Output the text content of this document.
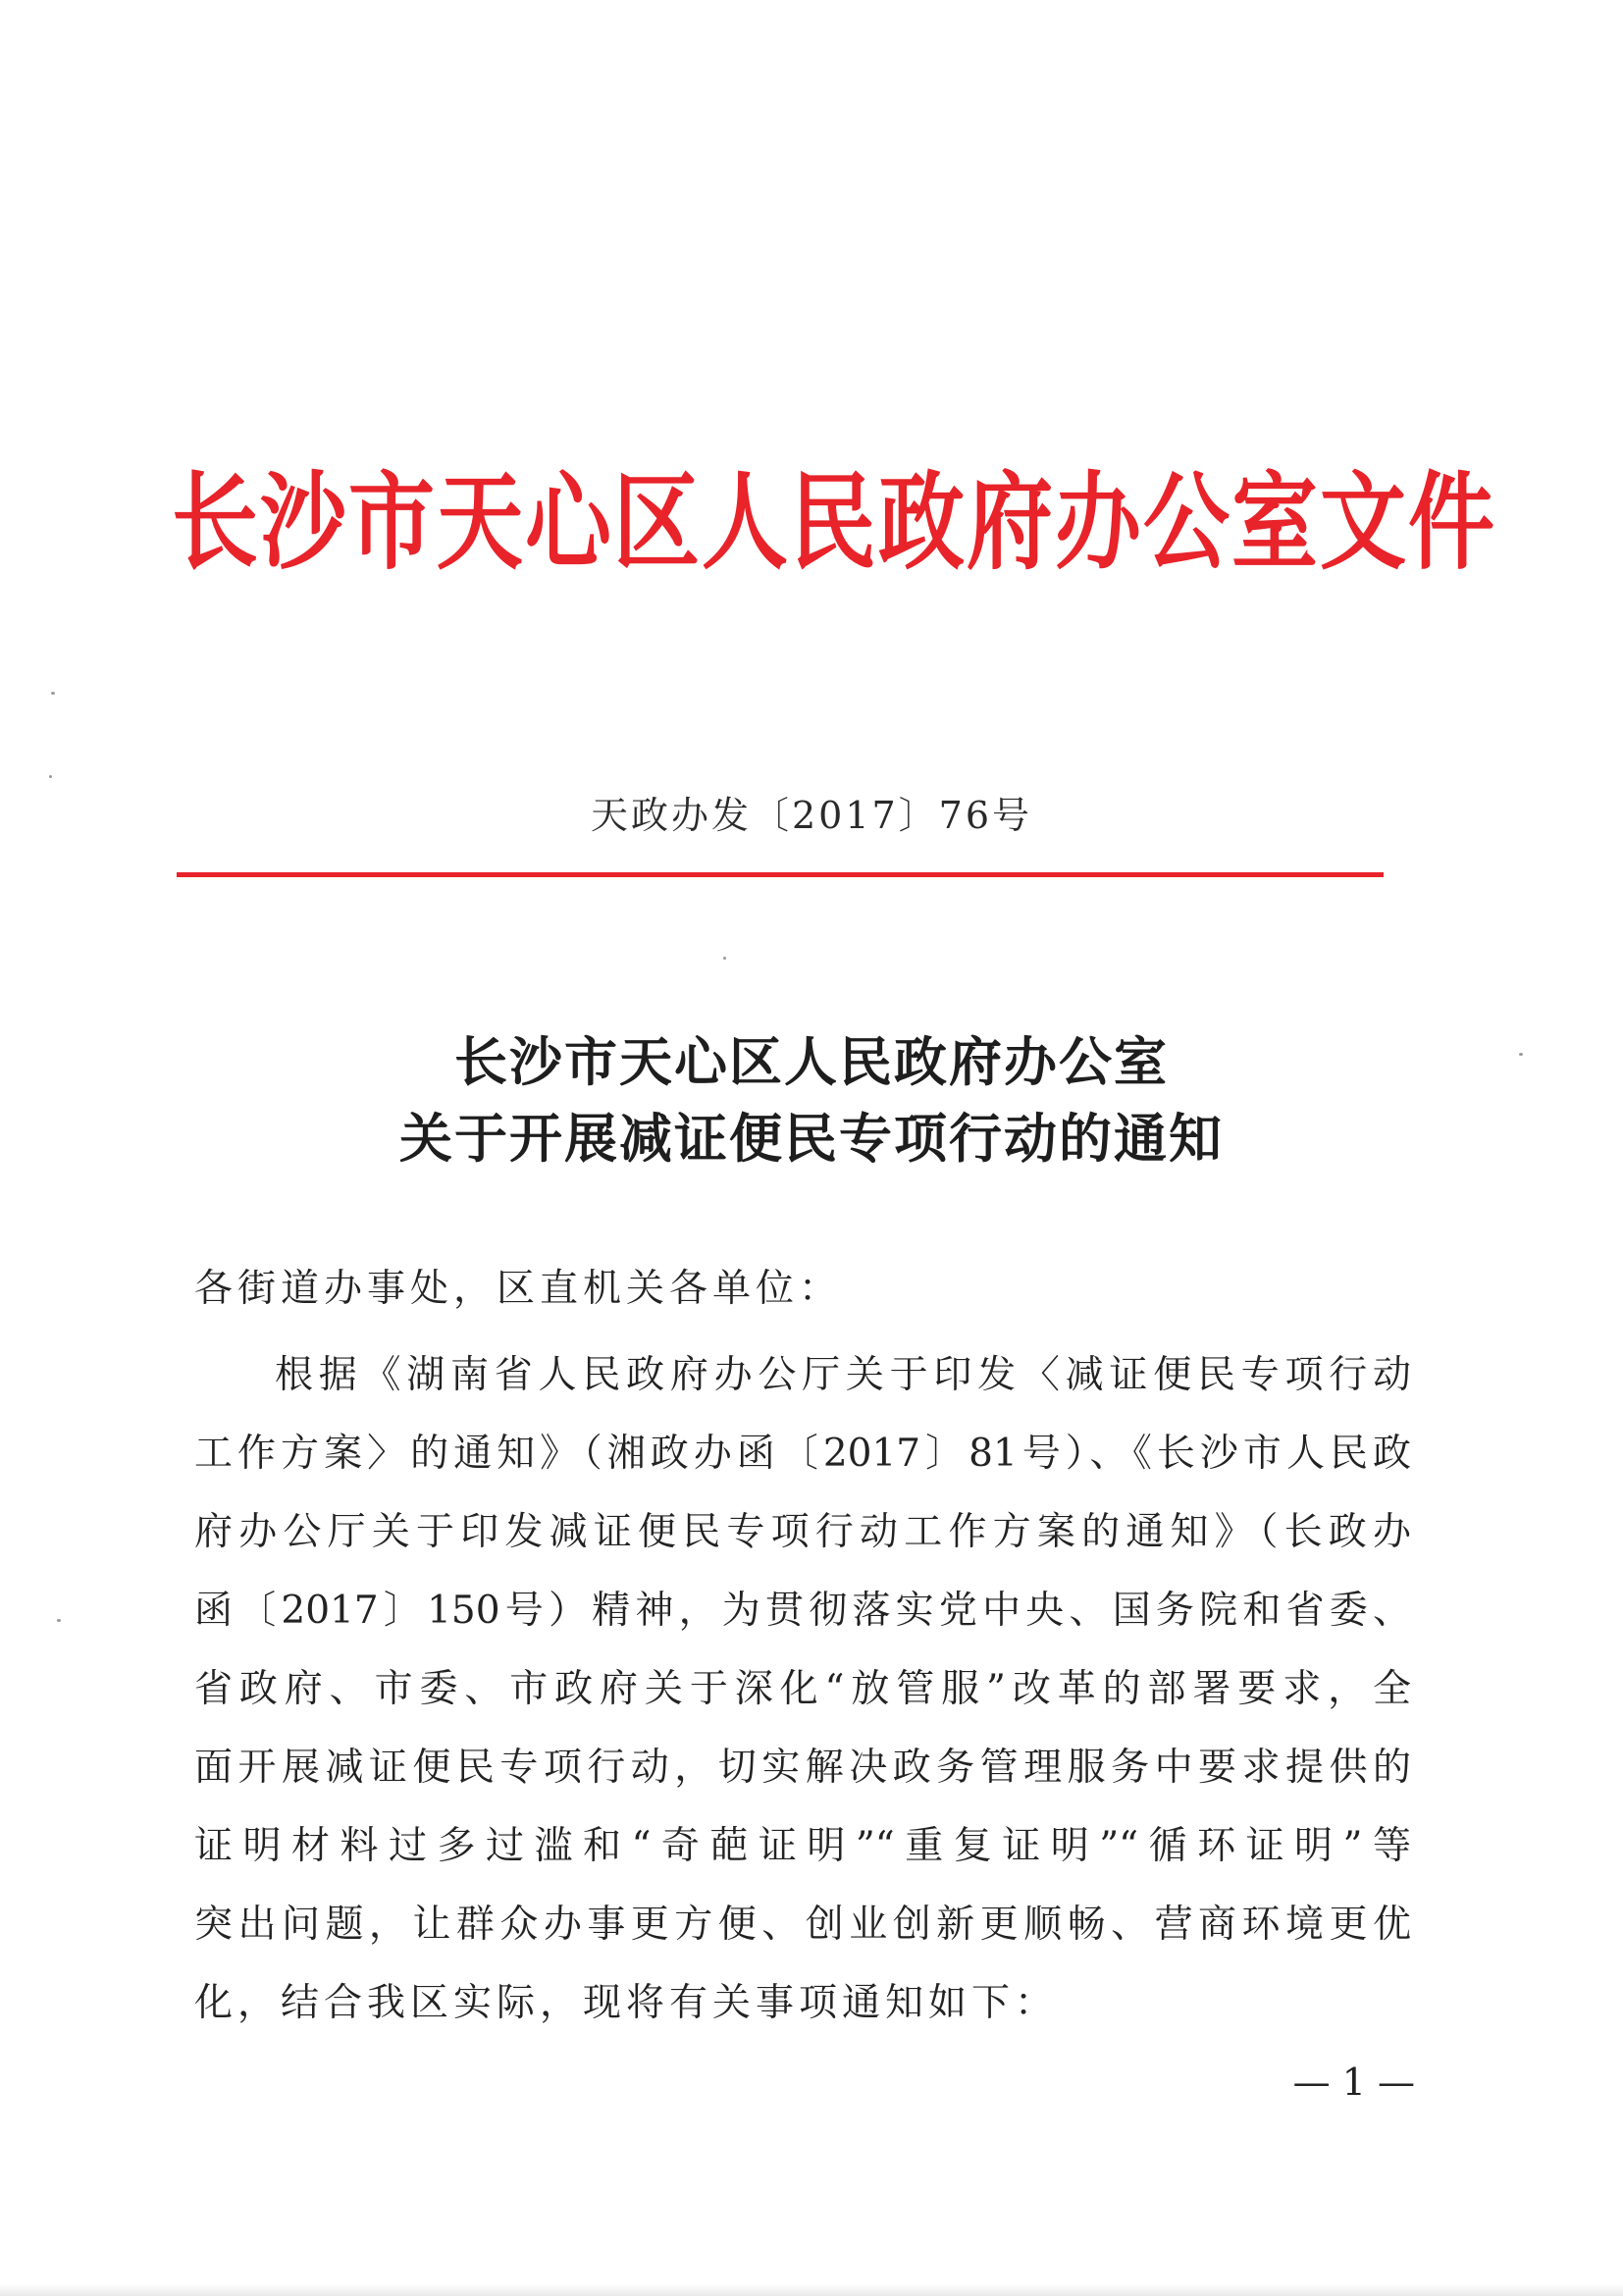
长沙市天心区人民政府办公室文件
天政办发〔2017〕76号
长沙市天心区人民政府办公室
关于开展减证便民专项行动的通知
各街道办事处，区直机关各单位：
根据《湖南省人民政府办公厅关于印发〈减证便民专项行动
工作方案〉的通知》（湘政办函〔2017〕81号）、《长沙市人民政
府办公厅关于印发减证便民专项行动工作方案的通知》（长政办
函〔2017〕150号）精神，为贯彻落实党中央、国务院和省委、
省政府、市委、市政府关于深化“放管服”改革的部署要求，全
面开展减证便民专项行动，切实解决政务管理服务中要求提供的
证明材料过多过滥和“奇葩证明”“重复证明”“循环证明”等
突出问题，让群众办事更方便、创业创新更顺畅、营商环境更优
化，结合我区实际，现将有关事项通知如下：
— 1 —
